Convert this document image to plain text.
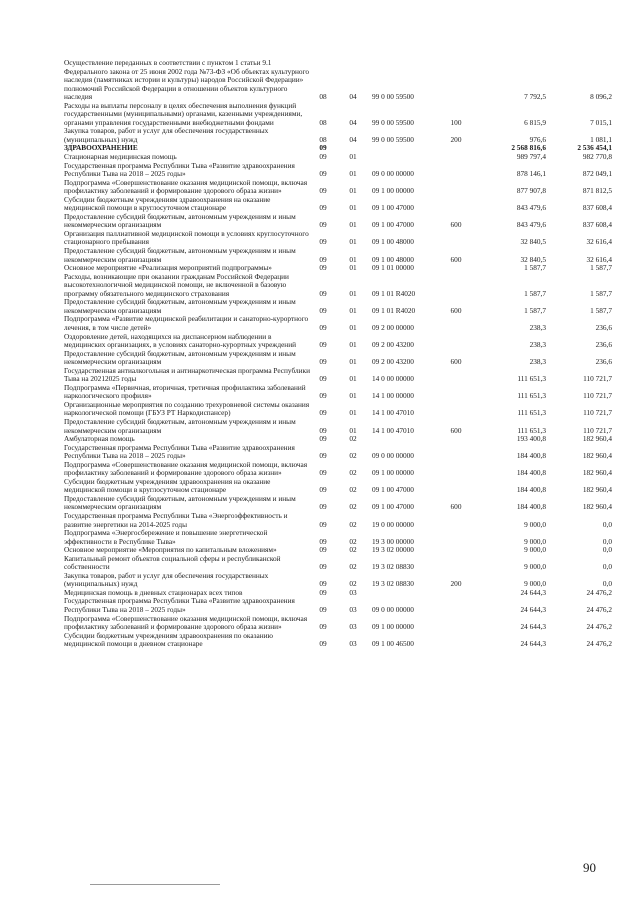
Осуществление переданных в соответствии с пунктом 1 статьи 9.1 Федерального закона от 25 июня 2002 года №73-ФЗ «Об объектах культурного наследия (памятниках истории и культуры) народов Российской Федерации» полномочий Российской Федерации в отношении объектов культурного наследия	08	04	99 0 00 59500		7 792,5	8 096,2
Расходы на выплаты персоналу в целях обеспечения выполнения функций государственными (муниципальными) органами, казенными учреждениями, органами управления государственными внебюджетными фондами	08	04	99 0 00 59500	100	6 815,9	7 015,1
Закупка товаров, работ и услуг для обеспечения государственных (муниципальных) нужд	08	04	99 0 00 59500	200	976,6	1 081,1
ЗДРАВООХРАНЕНИЕ	09				2 568 816,6	2 536 454,1
Стационарная медицинская помощь	09	01			989 797,4	982 770,8
Государственная программа Республики Тыва «Развитие здравоохранения Республики Тыва на 2018 – 2025 годы»	09	01	09 0 00 00000		878 146,1	872 049,1
Подпрограмма «Совершенствование оказания медицинской помощи, включая профилактику заболеваний и формирование здорового образа жизни»	09	01	09 1 00 00000		877 907,8	871 812,5
Субсидии бюджетным учреждениям здравоохранения на оказание медицинской помощи в круглосуточном стационаре	09	01	09 1 00 47000		843 479,6	837 608,4
Предоставление субсидий бюджетным, автономным учреждениям и иным некоммерческим организациям	09	01	09 1 00 47000	600	843 479,6	837 608,4
Организация паллиативной медицинской помощи в условиях круглосуточного стационарного пребывания	09	01	09 1 00 48000		32 840,5	32 616,4
Предоставление субсидий бюджетным, автономным учреждениям и иным некоммерческим организациям	09	01	09 1 00 48000	600	32 840,5	32 616,4
Основное мероприятие «Реализация мероприятий подпрограммы»	09	01	09 1 01 00000		1 587,7	1 587,7
Расходы, возникающие при оказании гражданам Российской Федерации высокотехнологичной медицинской помощи, не включенной в базовую программу обязательного медицинского страхования	09	01	09 1 01 R4020		1 587,7	1 587,7
Предоставление субсидий бюджетным, автономным учреждениям и иным некоммерческим организациям	09	01	09 1 01 R4020	600	1 587,7	1 587,7
Подпрограмма «Развитие медицинской реабилитации и санаторно-курортного лечения, в том числе детей»	09	01	09 2 00 00000		238,3	236,6
Оздоровление детей, находящихся на диспансерном наблюдении в медицинских организациях, в условиях санаторно-курортных учреждений	09	01	09 2 00 43200		238,3	236,6
Предоставление субсидий бюджетным, автономным учреждениям и иным некоммерческим организациям	09	01	09 2 00 43200	600	238,3	236,6
Государственная антиалкогольная и антинаркотическая программа Республики Тыва на 20212025 годы	09	01	14 0 00 00000		111 651,3	110 721,7
Подпрограмма «Первичная, вторичная, третичная профилактика заболеваний наркологического профиля»	09	01	14 1 00 00000		111 651,3	110 721,7
Организационные мероприятия по созданию трехуровневой системы оказания наркологической помощи (ГБУЗ РТ Наркодиспансер)	09	01	14 1 00 47010		111 651,3	110 721,7
Предоставление субсидий бюджетным, автономным учреждениям и иным некоммерческим организациям	09	01	14 1 00 47010	600	111 651,3	110 721,7
Амбулаторная помощь	09	02			193 400,8	182 960,4
Государственная программа Республики Тыва «Развитие здравоохранения Республики Тыва на 2018 – 2025 годы»	09	02	09 0 00 00000		184 400,8	182 960,4
Подпрограмма «Совершенствование оказания медицинской помощи, включая профилактику заболеваний и формирование здорового образа жизни»	09	02	09 1 00 00000		184 400,8	182 960,4
Субсидии бюджетным учреждениям здравоохранения на оказание медицинской помощи в круглосуточном стационаре	09	02	09 1 00 47000		184 400,8	182 960,4
Предоставление субсидий бюджетным, автономным учреждениям и иным некоммерческим организациям	09	02	09 1 00 47000	600	184 400,8	182 960,4
Государственная программа Республики Тыва «Энергоэффективность и развитие энергетики на 2014-2025 годы	09	02	19 0 00 00000		9 000,0	0,0
Подпрограмма «Энергосбережение и повышение энергетической эффективности в Республике Тыва»	09	02	19 3 00 00000		9 000,0	0,0
Основное мероприятие «Мероприятия по капитальным вложениям»	09	02	19 3 02 00000		9 000,0	0,0
Капитальный ремонт объектов социальной сферы и республиканской собственности	09	02	19 3 02 08830		9 000,0	0,0
Закупка товаров, работ и услуг для обеспечения государственных (муниципальных) нужд	09	02	19 3 02 08830	200	9 000,0	0,0
Медицинская помощь в дневных стационарах всех типов	09	03			24 644,3	24 476,2
Государственная программа Республики Тыва «Развитие здравоохранения Республики Тыва на 2018 – 2025 годы»	09	03	09 0 00 00000		24 644,3	24 476,2
Подпрограмма «Совершенствование оказания медицинской помощи, включая профилактику заболеваний и формирование здорового образа жизни»	09	03	09 1 00 00000		24 644,3	24 476,2
Субсидии бюджетным учреждениям здравоохранения по оказанию медицинской помощи в дневном стационаре	09	03	09 1 00 46500		24 644,3	24 476,2
90
